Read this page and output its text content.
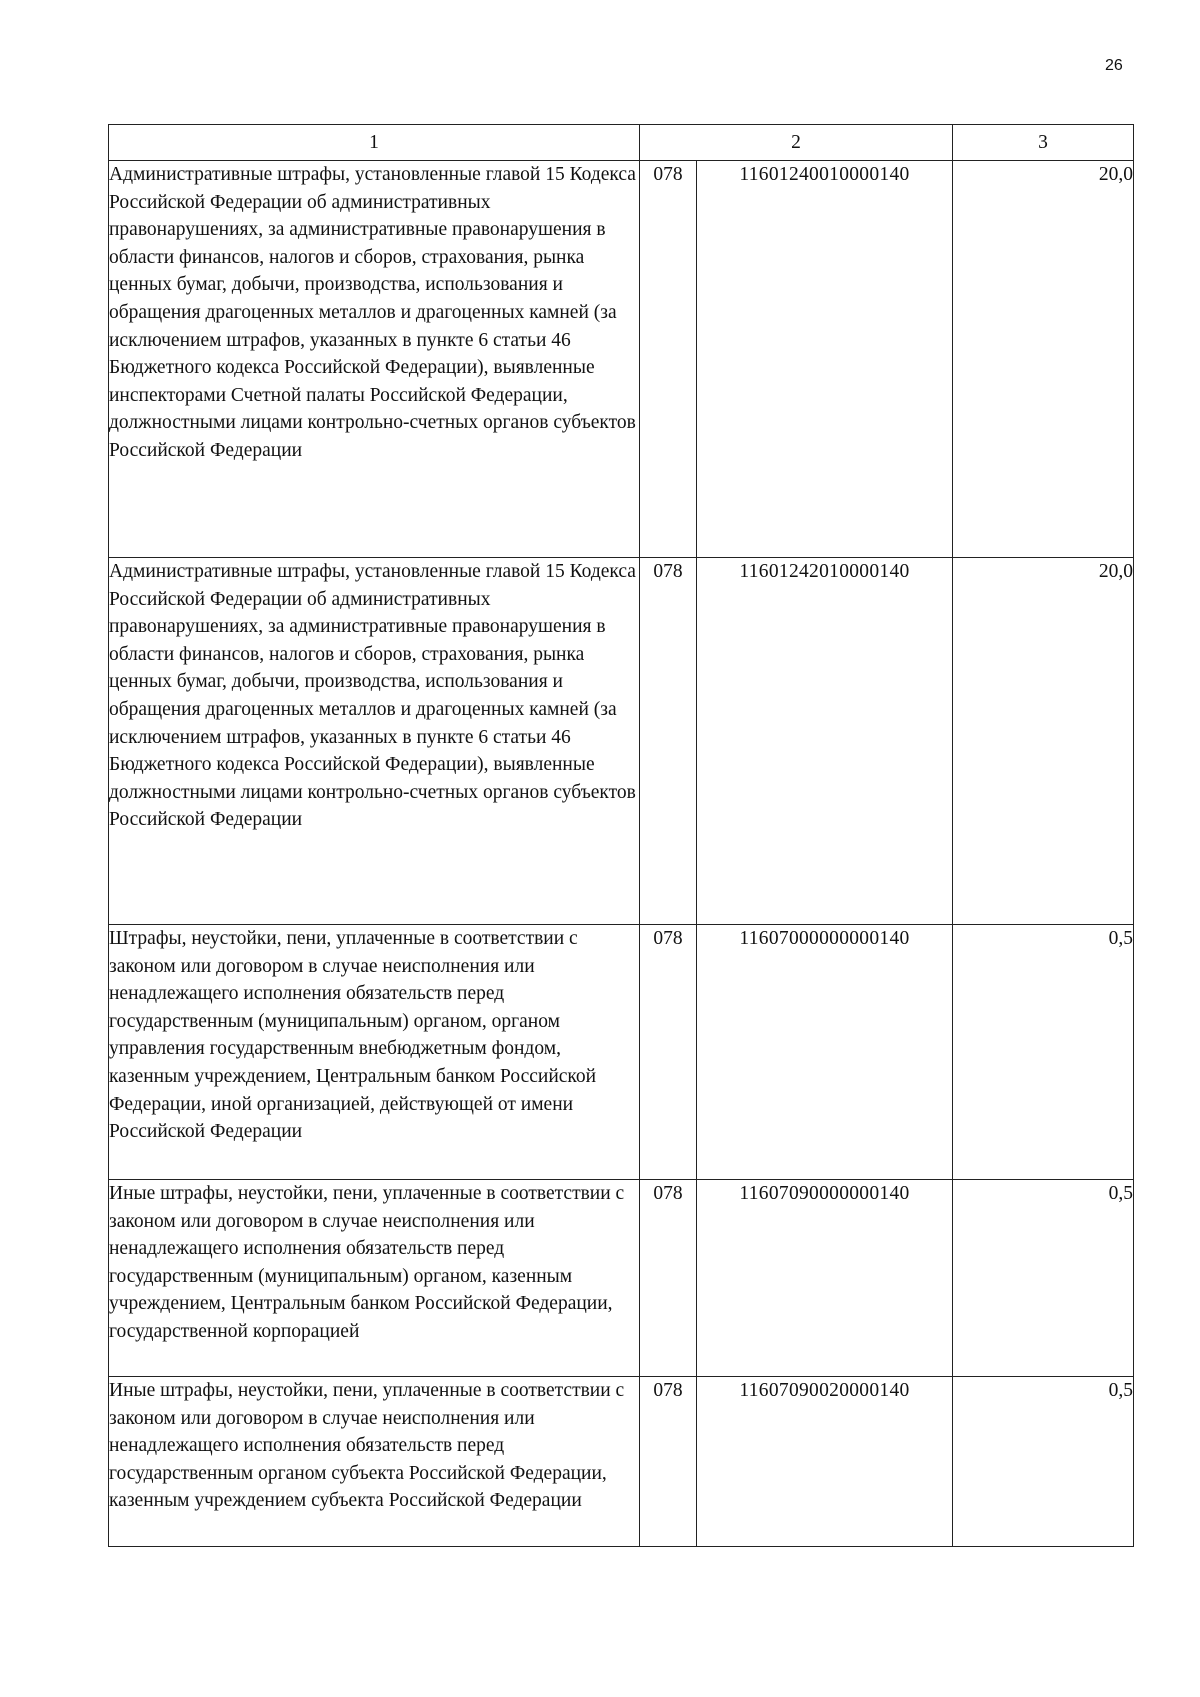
26
1	2		3
Административные штрафы, установленные главой 15 Кодекса Российской Федерации об административных правонарушениях, за административные правонарушения в области финансов, налогов и сборов, страхования, рынка ценных бумаг, добычи, производства, использования и обращения драгоценных металлов и драгоценных камней (за исключением штрафов, указанных в пункте 6 статьи 46 Бюджетного кодекса Российской Федерации), выявленные инспекторами Счетной палаты Российской Федерации, должностными лицами контрольно-счетных органов субъектов Российской Федерации	078	11601240010000140	20,0
Административные штрафы, установленные главой 15 Кодекса Российской Федерации об административных правонарушениях, за административные правонарушения в области финансов, налогов и сборов, страхования, рынка ценных бумаг, добычи, производства, использования и обращения драгоценных металлов и драгоценных камней (за исключением штрафов, указанных в пункте 6 статьи 46 Бюджетного кодекса Российской Федерации), выявленные должностными лицами контрольно-счетных органов субъектов Российской Федерации	078	11601242010000140	20,0
Штрафы, неустойки, пени, уплаченные в соответствии с законом или договором в случае неисполнения или ненадлежащего исполнения обязательств перед государственным (муниципальным) органом, органом управления государственным внебюджетным фондом, казенным учреждением, Центральным банком Российской Федерации, иной организацией, действующей от имени Российской Федерации	078	11607000000000140	0,5
Иные штрафы, неустойки, пени, уплаченные в соответствии с законом или договором в случае неисполнения или ненадлежащего исполнения обязательств перед государственным (муниципальным) органом, казенным учреждением, Центральным банком Российской Федерации, государственной корпорацией	078	11607090000000140	0,5
Иные штрафы, неустойки, пени, уплаченные в соответствии с законом или договором в случае неисполнения или ненадлежащего исполнения обязательств перед государственным органом субъекта Российской Федерации, казенным учреждением субъекта Российской Федерации	078	11607090020000140	0,5
